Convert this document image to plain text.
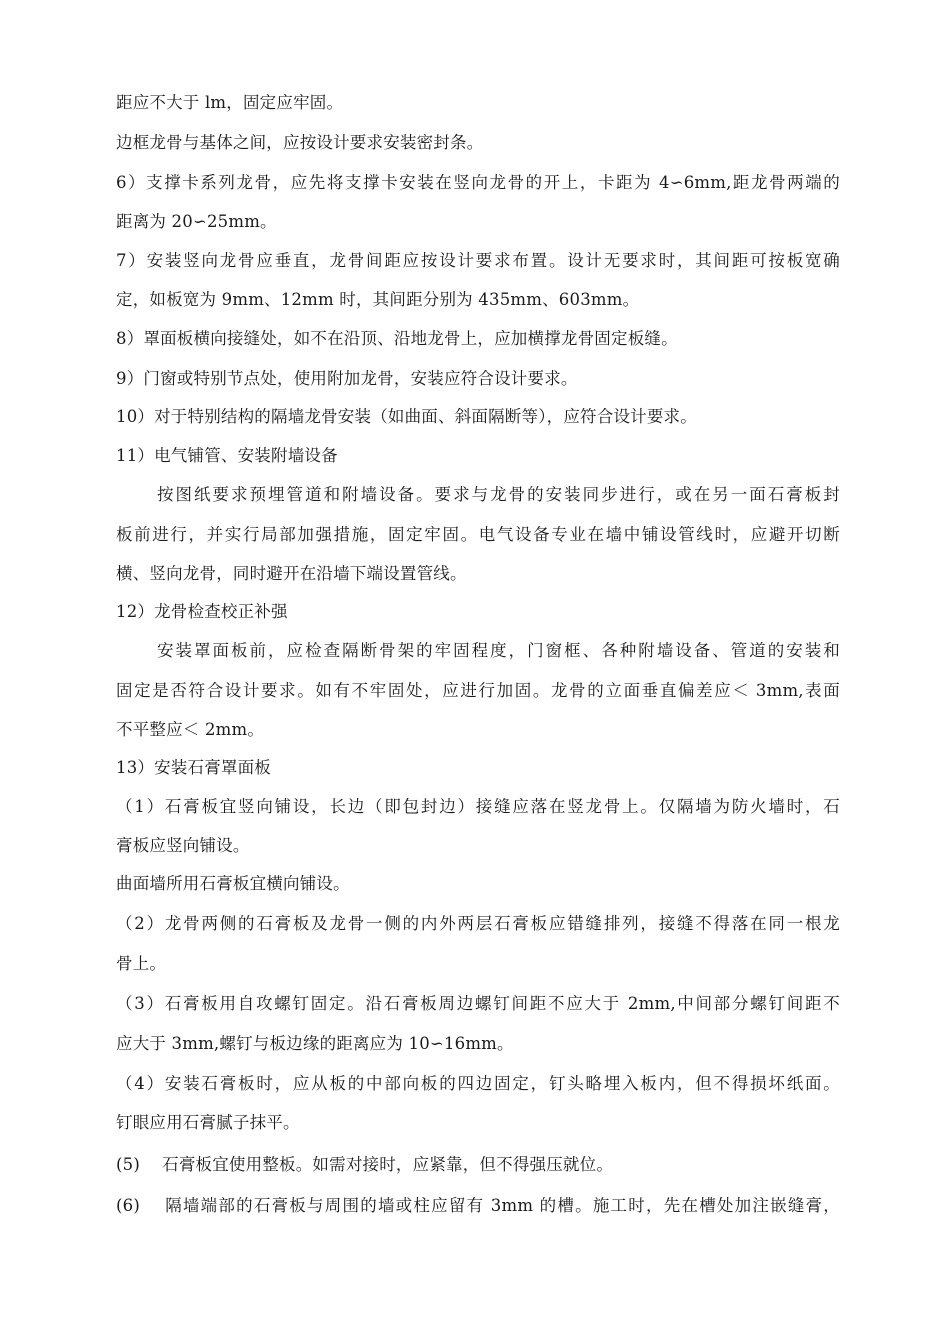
距应不大于 lm，固定应牢固。
边框龙骨与基体之间，应按设计要求安装密封条。
6）支撑卡系列龙骨，应先将支撑卡安装在竖向龙骨的开上，卡距为 4∽6mm,距龙骨两端的
距离为 20∽25mm。
7）安装竖向龙骨应垂直，龙骨间距应按设计要求布置。设计无要求时，其间距可按板宽确
定，如板宽为 9mm、12mm 时，其间距分别为 435mm、603mm。
8）罩面板横向接缝处，如不在沿顶、沿地龙骨上，应加横撑龙骨固定板缝。
9）门窗或特别节点处，使用附加龙骨，安装应符合设计要求。
10）对于特别结构的隔墙龙骨安装（如曲面、斜面隔断等），应符合设计要求。
11）电气铺管、安装附墙设备
按图纸要求预埋管道和附墙设备。要求与龙骨的安装同步进行，或在另一面石膏板封
板前进行，并实行局部加强措施，固定牢固。电气设备专业在墙中铺设管线时，应避开切断
横、竖向龙骨，同时避开在沿墙下端设置管线。
12）龙骨检查校正补强
安装罩面板前，应检查隔断骨架的牢固程度，门窗框、各种附墙设备、管道的安装和
固定是否符合设计要求。如有不牢固处，应进行加固。龙骨的立面垂直偏差应＜ 3mm,表面
不平整应＜ 2mm。
13）安装石膏罩面板
（1）石膏板宜竖向铺设，长边（即包封边）接缝应落在竖龙骨上。仅隔墙为防火墙时，石
膏板应竖向铺设。
曲面墙所用石膏板宜横向铺设。
（2）龙骨两侧的石膏板及龙骨一侧的内外两层石膏板应错缝排列，接缝不得落在同一根龙
骨上。
（3）石膏板用自攻螺钉固定。沿石膏板周边螺钉间距不应大于 2mm,中间部分螺钉间距不
应大于 3mm,螺钉与板边缘的距离应为 10∽16mm。
（4）安装石膏板时，应从板的中部向板的四边固定，钉头略埋入板内，但不得损坏纸面。
钉眼应用石膏腻子抹平。
(5)　 石膏板宜使用整板。如需对接时，应紧靠，但不得强压就位。
(6)　 隔墙端部的石膏板与周围的墙或柱应留有 3mm 的槽。施工时，先在槽处加注嵌缝膏，
